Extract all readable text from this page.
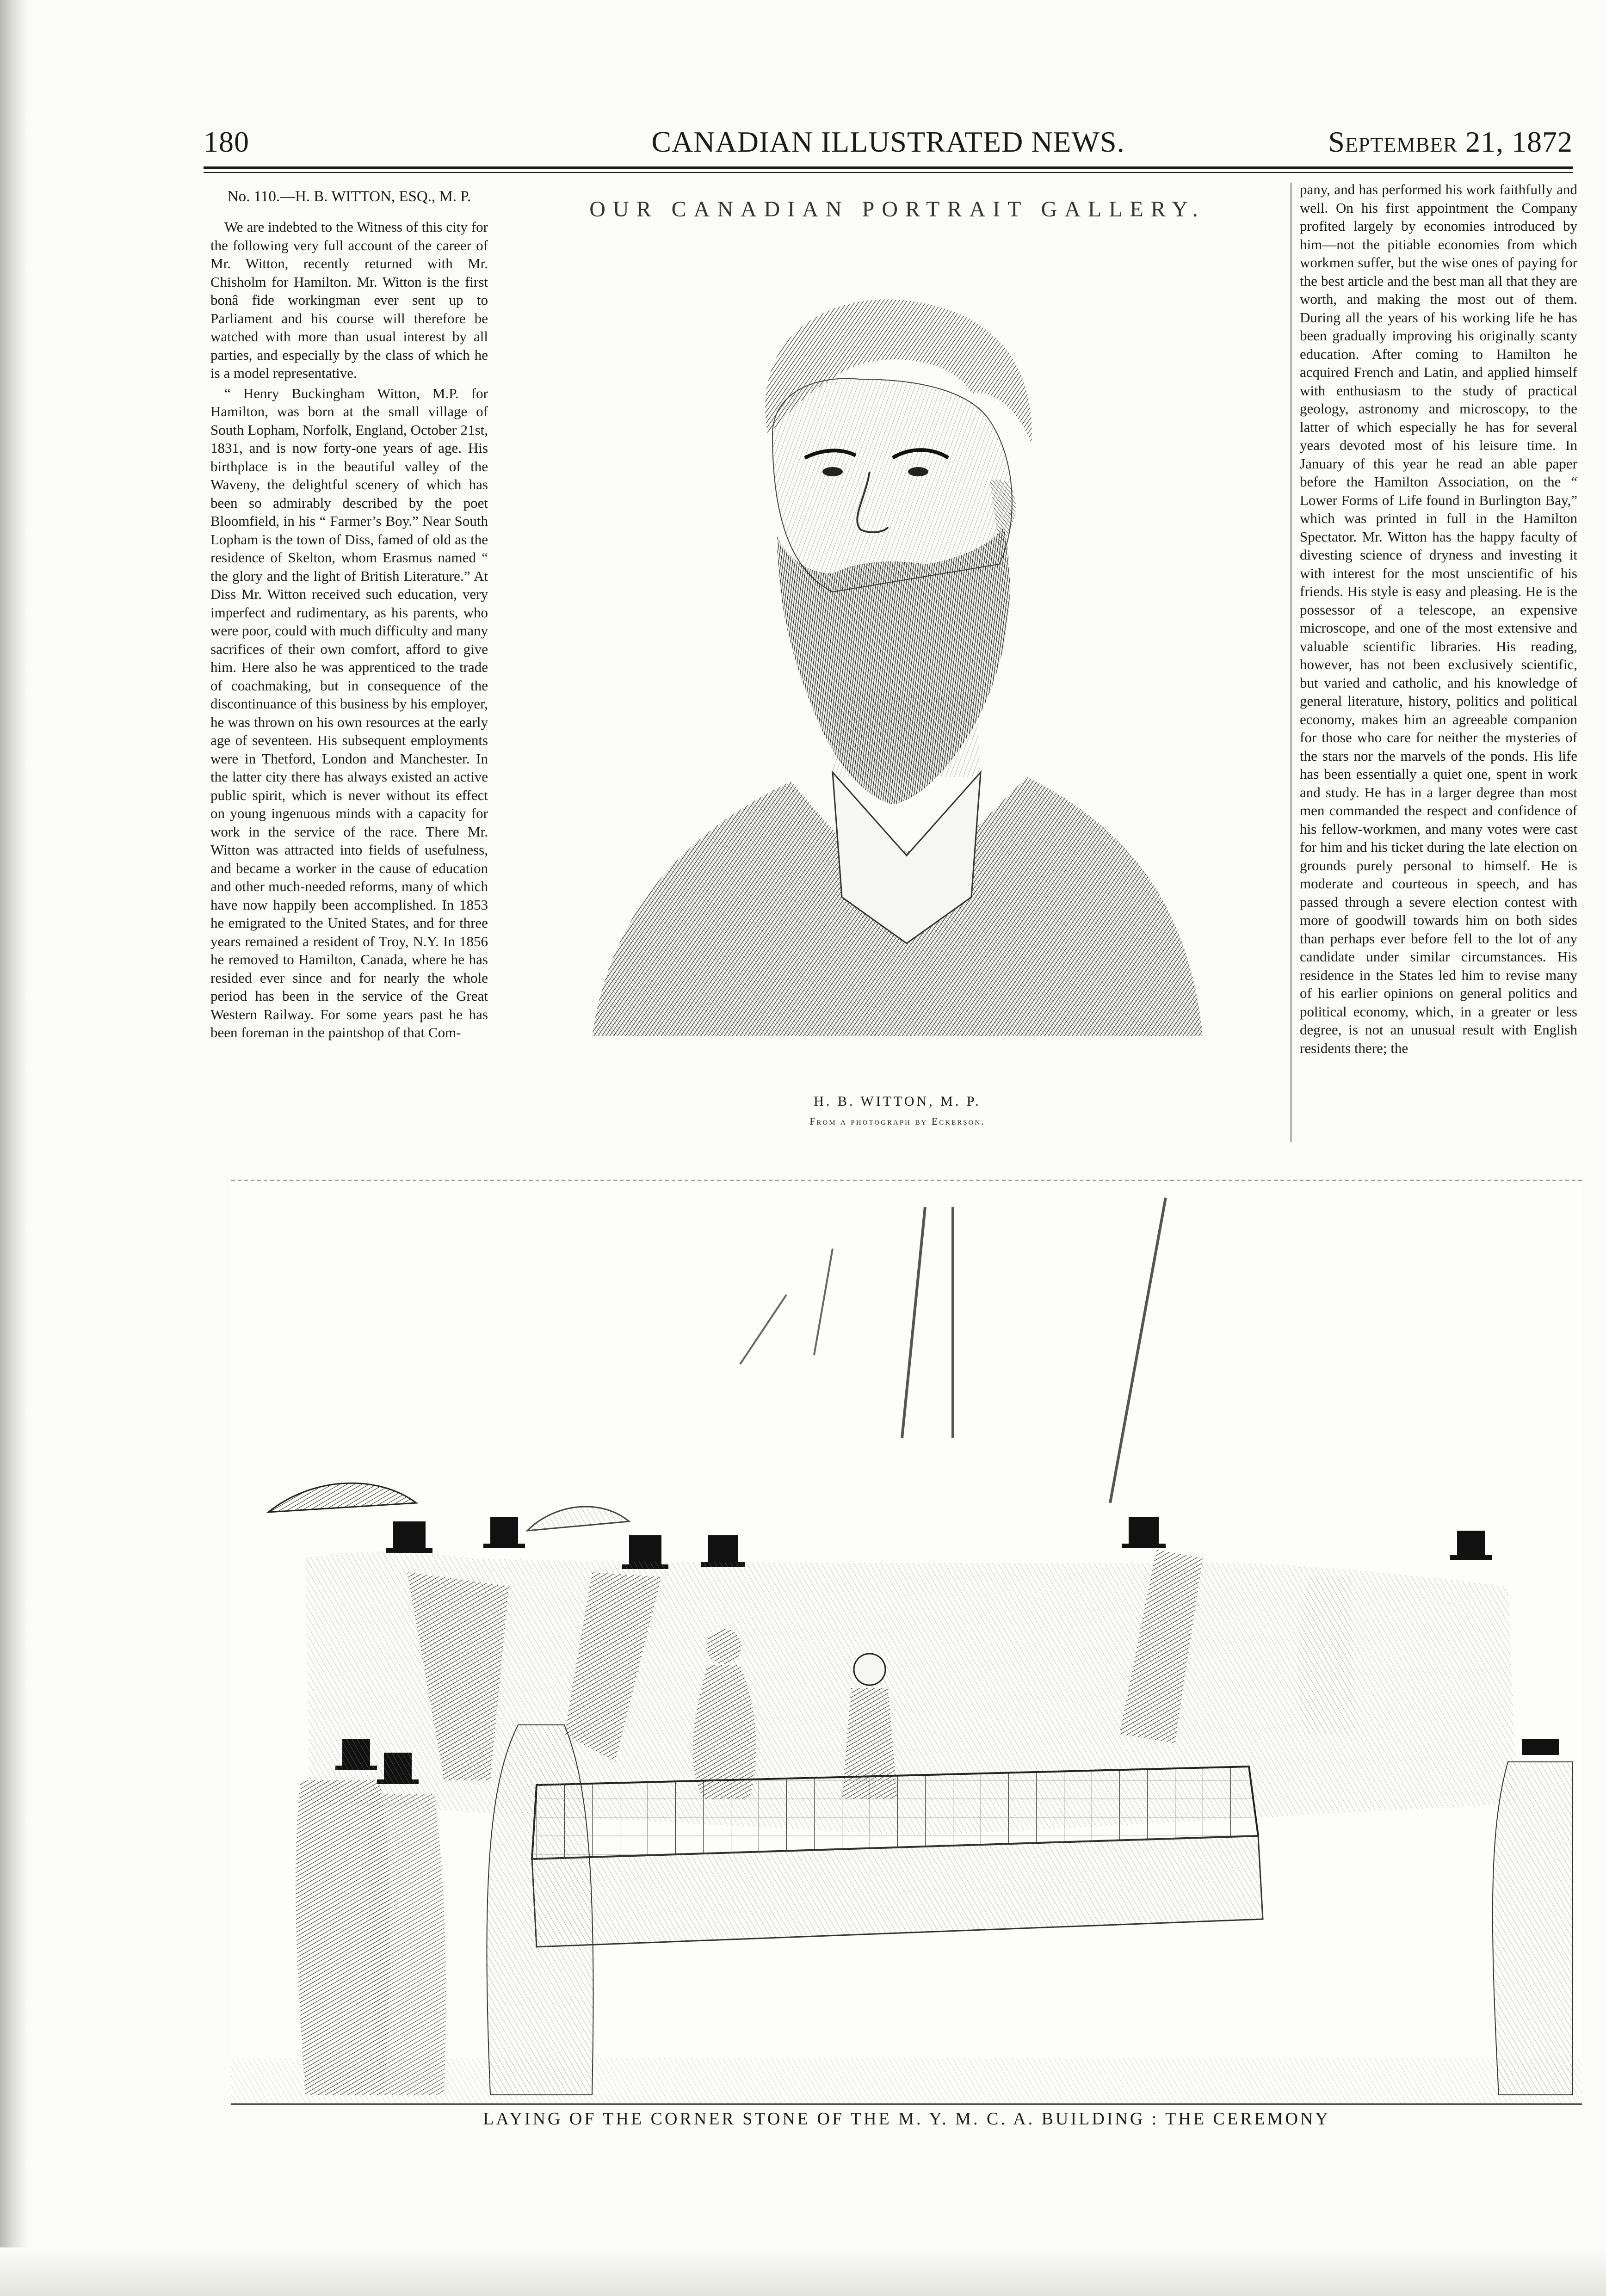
180	CANADIAN ILLUSTRATED NEWS.	September 21, 1872
No. 110.—H. B. WITTON, ESQ., M. P.

We are indebted to the Witness of this city for the following very full account of the career of Mr. Witton, recently returned with Mr. Chisholm for Hamilton. Mr. Witton is the first bonâ fide workingman ever sent up to Parliament and his course will therefore be watched with more than usual interest by all parties, and especially by the class of which he is a model representative.

“ Henry Buckingham Witton, M.P. for Hamilton, was born at the small village of South Lopham, Norfolk, England, October 21st, 1831, and is now forty-one years of age. His birthplace is in the beautiful valley of the Waveny, the delightful scenery of which has been so admirably described by the poet Bloomfield, in his “ Farmer’s Boy.” Near South Lopham is the town of Diss, famed of old as the residence of Skelton, whom Erasmus named “ the glory and the light of British Literature.” At Diss Mr. Witton received such education, very imperfect and rudimentary, as his parents, who were poor, could with much difficulty and many sacrifices of their own comfort, afford to give him. Here also he was apprenticed to the trade of coachmaking, but in consequence of the discontinuance of this business by his employer, he was thrown on his own resources at the early age of seventeen. His subsequent employments were in Thetford, London and Manchester. In the latter city there has always existed an active public spirit, which is never without its effect on young ingenuous minds with a capacity for work in the service of the race. There Mr. Witton was attracted into fields of usefulness, and became a worker in the cause of education and other much-needed reforms, many of which have now happily been accomplished. In 1853 he emigrated to the United States, and for three years remained a resident of Troy, N.Y. In 1856 he removed to Hamilton, Canada, where he has resided ever since and for nearly the whole period has been in the service of the Great Western Railway. For some years past he has been foreman in the paintshop of that Com-

OUR CANADIAN PORTRAIT GALLERY.
H. B. WITTON, M. P.
From a photograph by Eckerson.

pany, and has performed his work faithfully and well. On his first appointment the Company profited largely by economies introduced by him—not the pitiable economies from which workmen suffer, but the wise ones of paying for the best article and the best man all that they are worth, and making the most out of them. During all the years of his working life he has been gradually improving his originally scanty education. After coming to Hamilton he acquired French and Latin, and applied himself with enthusiasm to the study of practical geology, astronomy and microscopy, to the latter of which especially he has for several years devoted most of his leisure time. In January of this year he read an able paper before the Hamilton Association, on the “ Lower Forms of Life found in Burlington Bay,” which was printed in full in the Hamilton Spectator. Mr. Witton has the happy faculty of divesting science of dryness and investing it with interest for the most unscientific of his friends. His style is easy and pleasing. He is the possessor of a telescope, an expensive microscope, and one of the most extensive and valuable scientific libraries. His reading, however, has not been exclusively scientific, but varied and catholic, and his knowledge of general literature, history, politics and political economy, makes him an agreeable companion for those who care for neither the mysteries of the stars nor the marvels of the ponds. His life has been essentially a quiet one, spent in work and study. He has in a larger degree than most men commanded the respect and confidence of his fellow-workmen, and many votes were cast for him and his ticket during the late election on grounds purely personal to himself. He is moderate and courteous in speech, and has passed through a severe election contest with more of goodwill towards him on both sides than perhaps ever before fell to the lot of any candidate under similar circumstances. His residence in the States led him to revise many of his earlier opinions on general politics and political economy, which, in a greater or less degree, is not an unusual result with English residents there; the

LAYING OF THE CORNER STONE OF THE M. Y. M. C. A. BUILDING : THE CEREMONY
